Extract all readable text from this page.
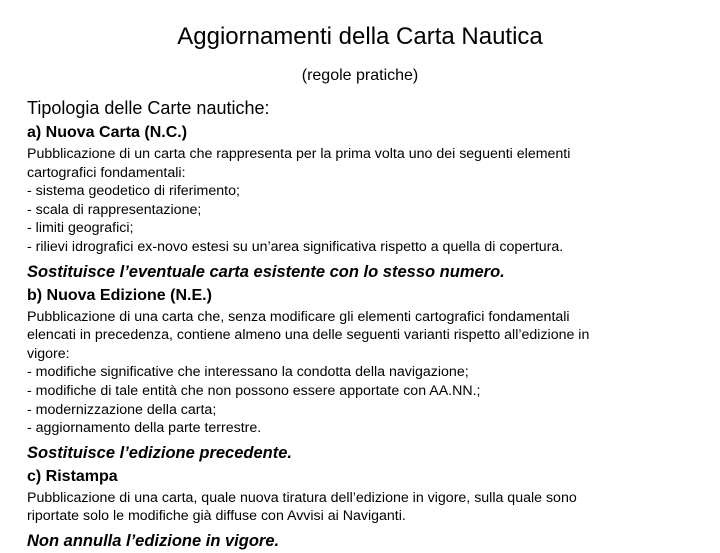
Aggiornamenti della Carta Nautica
(regole pratiche)
Tipologia delle Carte nautiche:
a) Nuova Carta (N.C.)
Pubblicazione di un carta che rappresenta per la prima volta uno dei seguenti elementi
cartografici fondamentali:
- sistema geodetico di riferimento;
- scala di rappresentazione;
- limiti geografici;
- rilievi idrografici ex-novo estesi su un’area significativa rispetto a quella di copertura.
Sostituisce l’eventuale carta esistente con lo stesso numero.
b) Nuova Edizione (N.E.)
Pubblicazione di una carta che, senza modificare gli elementi cartografici fondamentali
elencati in precedenza, contiene almeno una delle seguenti varianti rispetto all’edizione in
vigore:
- modifiche significative che interessano la condotta della navigazione;
- modifiche di tale entità che non possono essere apportate con AA.NN.;
- modernizzazione della carta;
- aggiornamento della parte terrestre.
Sostituisce l’edizione precedente.
c) Ristampa
Pubblicazione di una carta, quale nuova tiratura dell’edizione in vigore, sulla quale sono
riportate solo le modifiche già diffuse con Avvisi ai Naviganti.
Non annulla l’edizione in vigore.
